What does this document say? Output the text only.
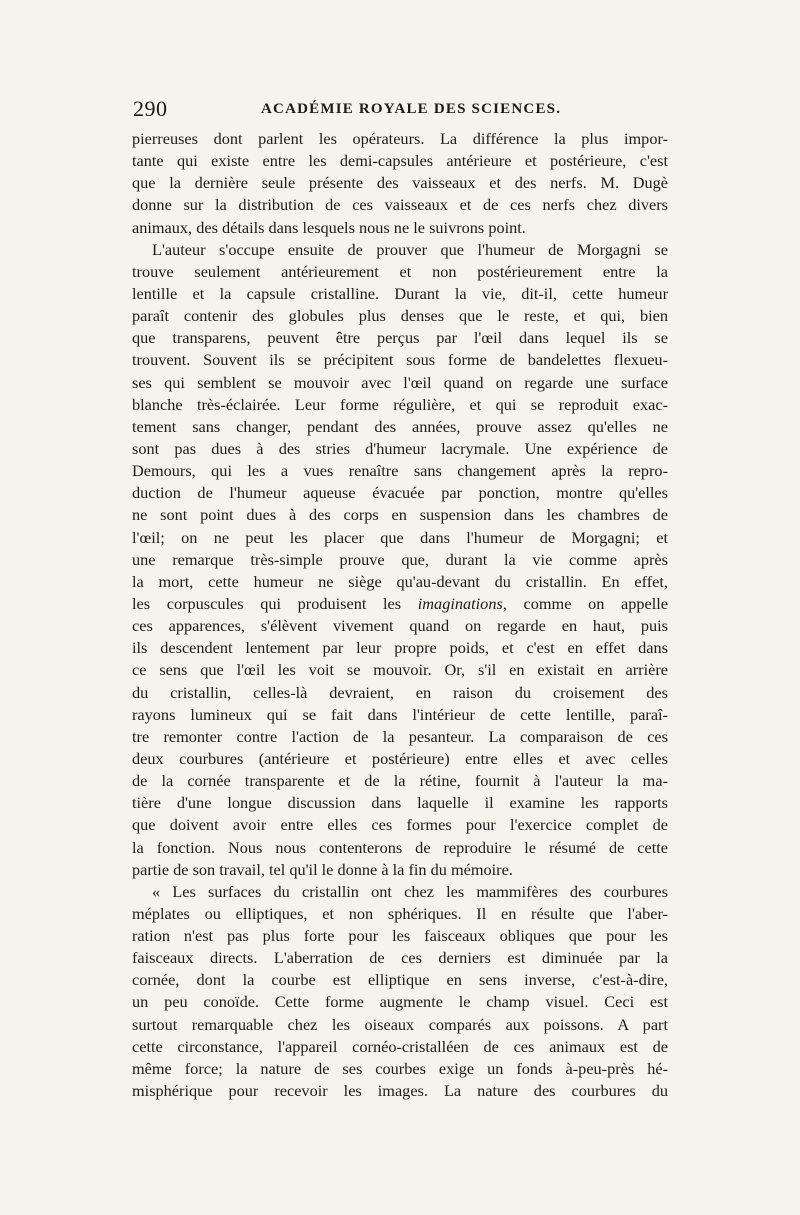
290	ACADÉMIE ROYALE DES SCIENCES.
pierreuses dont parlent les opérateurs. La différence la plus impor-
tante qui existe entre les demi-capsules antérieure et postérieure, c'est
que la dernière seule présente des vaisseaux et des nerfs. M. Dugè
donne sur la distribution de ces vaisseaux et de ces nerfs chez divers
animaux, des détails dans lesquels nous ne le suivrons point.
L'auteur s'occupe ensuite de prouver que l'humeur de Morgagni se
trouve seulement antérieurement et non postérieurement entre la
lentille et la capsule cristalline. Durant la vie, dit-il, cette humeur
paraît contenir des globules plus denses que le reste, et qui, bien
que transparens, peuvent être perçus par l'œil dans lequel ils se
trouvent. Souvent ils se précipitent sous forme de bandelettes flexueu-
ses qui semblent se mouvoir avec l'œil quand on regarde une surface
blanche très-éclairée. Leur forme régulière, et qui se reproduit exac-
tement sans changer, pendant des années, prouve assez qu'elles ne
sont pas dues à des stries d'humeur lacrymale. Une expérience de
Demours, qui les a vues renaître sans changement après la repro-
duction de l'humeur aqueuse évacuée par ponction, montre qu'elles
ne sont point dues à des corps en suspension dans les chambres de
l'œil; on ne peut les placer que dans l'humeur de Morgagni; et
une remarque très-simple prouve que, durant la vie comme après
la mort, cette humeur ne siège qu'au-devant du cristallin. En effet,
les corpuscules qui produisent les imaginations, comme on appelle
ces apparences, s'élèvent vivement quand on regarde en haut, puis
ils descendent lentement par leur propre poids, et c'est en effet dans
ce sens que l'œil les voit se mouvoir. Or, s'il en existait en arrière
du cristallin, celles-là devraient, en raison du croisement des
rayons lumineux qui se fait dans l'intérieur de cette lentille, paraî-
tre remonter contre l'action de la pesanteur. La comparaison de ces
deux courbures (antérieure et postérieure) entre elles et avec celles
de la cornée transparente et de la rétine, fournit à l'auteur la ma-
tière d'une longue discussion dans laquelle il examine les rapports
que doivent avoir entre elles ces formes pour l'exercice complet de
la fonction. Nous nous contenterons de reproduire le résumé de cette
partie de son travail, tel qu'il le donne à la fin du mémoire.
« Les surfaces du cristallin ont chez les mammifères des courbures
méplates ou elliptiques, et non sphériques. Il en résulte que l'aber-
ration n'est pas plus forte pour les faisceaux obliques que pour les
faisceaux directs. L'aberration de ces derniers est diminuée par la
cornée, dont la courbe est elliptique en sens inverse, c'est-à-dire,
un peu conoïde. Cette forme augmente le champ visuel. Ceci est
surtout remarquable chez les oiseaux comparés aux poissons. A part
cette circonstance, l'appareil cornéo-cristalléen de ces animaux est de
même force; la nature de ses courbes exige un fonds à-peu-près hé-
misphérique pour recevoir les images. La nature des courbures du
